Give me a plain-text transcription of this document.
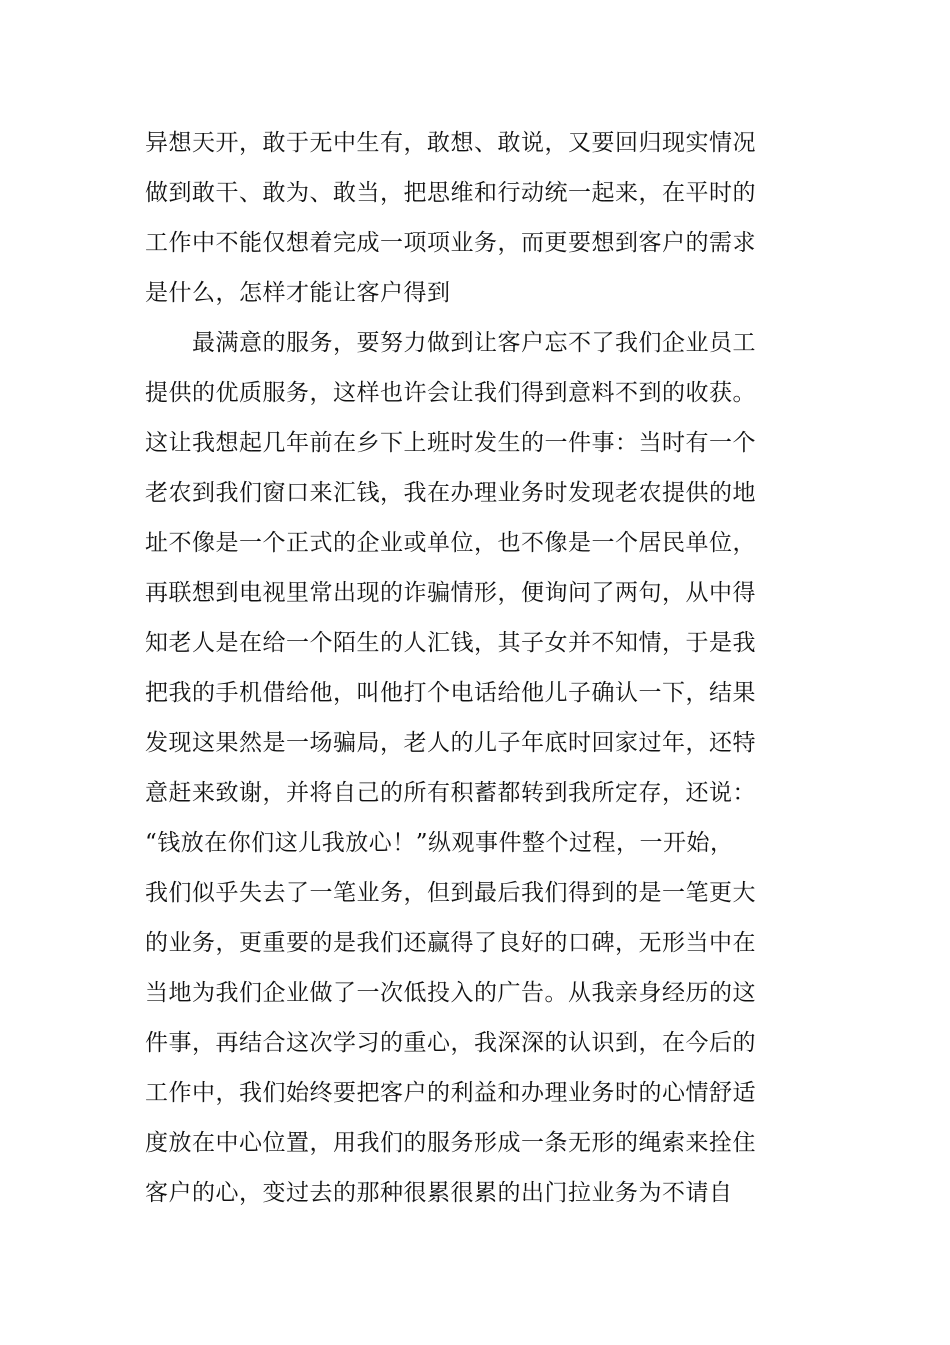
异想天开，敢于无中生有，敢想、敢说，又要回归现实情况
做到敢干、敢为、敢当，把思维和行动统一起来，在平时的
工作中不能仅想着完成一项项业务，而更要想到客户的需求
是什么，怎样才能让客户得到
　　最满意的服务，要努力做到让客户忘不了我们企业员工
提供的优质服务，这样也许会让我们得到意料不到的收获。
这让我想起几年前在乡下上班时发生的一件事：当时有一个
老农到我们窗口来汇钱，我在办理业务时发现老农提供的地
址不像是一个正式的企业或单位，也不像是一个居民单位，
再联想到电视里常出现的诈骗情形，便询问了两句，从中得
知老人是在给一个陌生的人汇钱，其子女并不知情，于是我
把我的手机借给他，叫他打个电话给他儿子确认一下，结果
发现这果然是一场骗局，老人的儿子年底时回家过年，还特
意赶来致谢，并将自己的所有积蓄都转到我所定存，还说：
“钱放在你们这儿我放心！”纵观事件整个过程，一开始，
我们似乎失去了一笔业务，但到最后我们得到的是一笔更大
的业务，更重要的是我们还赢得了良好的口碑，无形当中在
当地为我们企业做了一次低投入的广告。从我亲身经历的这
件事，再结合这次学习的重心，我深深的认识到，在今后的
工作中，我们始终要把客户的利益和办理业务时的心情舒适
度放在中心位置，用我们的服务形成一条无形的绳索来拴住
客户的心，变过去的那种很累很累的出门拉业务为不请自
